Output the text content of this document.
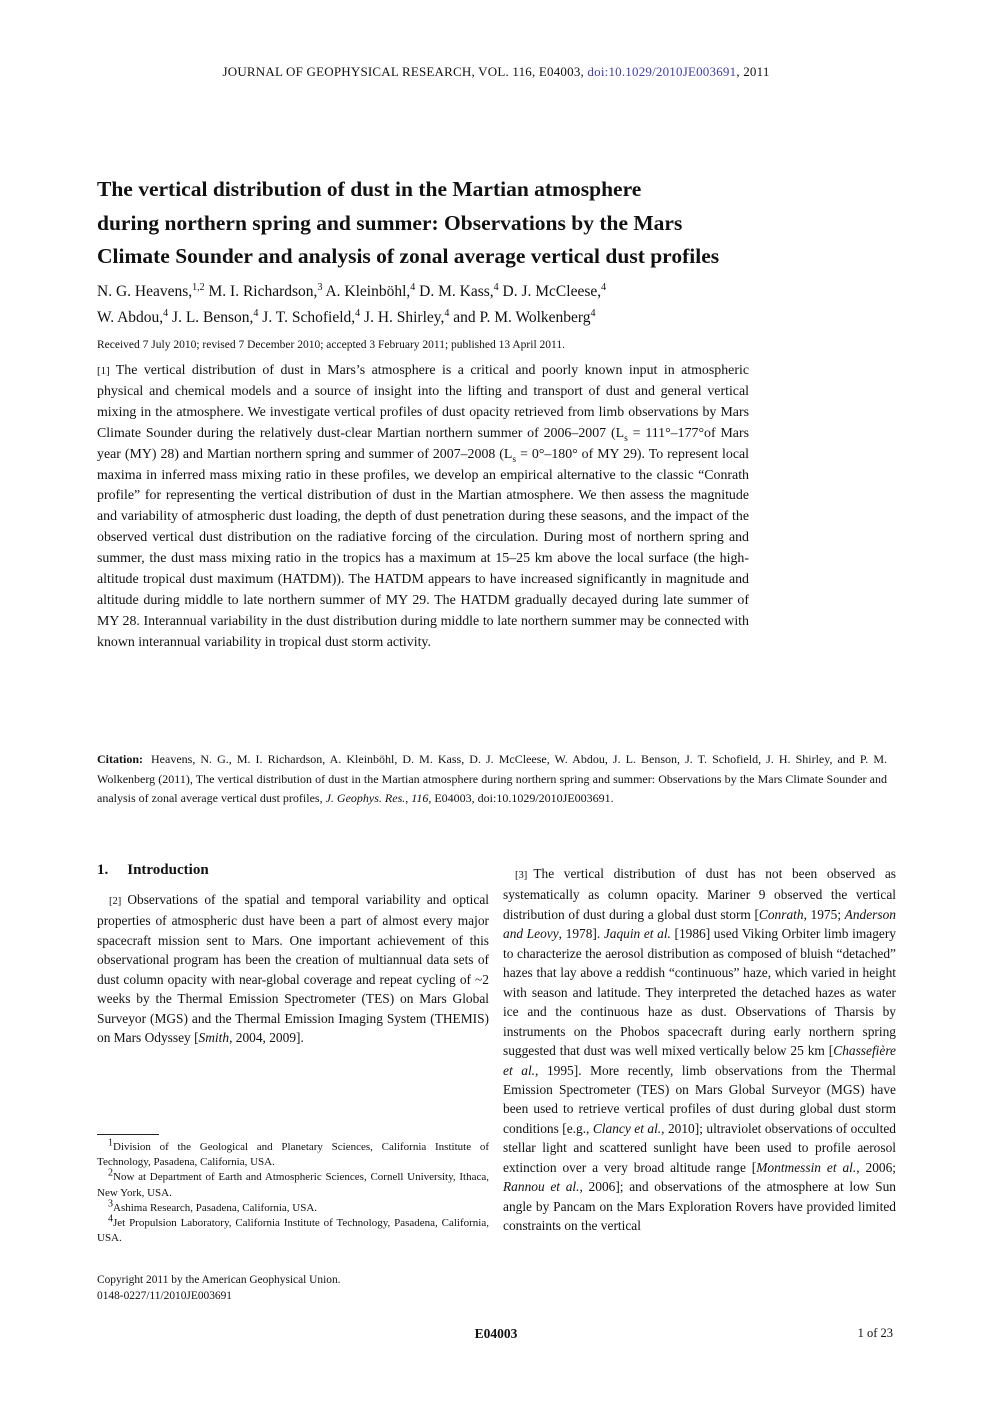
JOURNAL OF GEOPHYSICAL RESEARCH, VOL. 116, E04003, doi:10.1029/2010JE003691, 2011
The vertical distribution of dust in the Martian atmosphere
during northern spring and summer: Observations by the Mars
Climate Sounder and analysis of zonal average vertical dust profiles
N. G. Heavens,$^{1,2}$ M. I. Richardson,$^3$ A. Kleinböhl,$^4$ D. M. Kass,$^4$ D. J. McCleese,$^4$
W. Abdou,$^4$ J. L. Benson,$^4$ J. T. Schofield,$^4$ J. H. Shirley,$^4$ and P. M. Wolkenberg$^4$
Received 7 July 2010; revised 7 December 2010; accepted 3 February 2011; published 13 April 2011.

[1] The vertical distribution of dust in Mars’s atmosphere is a critical and poorly known input in atmospheric physical and chemical models and a source of insight into the lifting and transport of dust and general vertical mixing in the atmosphere. We investigate vertical profiles of dust opacity retrieved from limb observations by Mars Climate Sounder during the relatively dust-clear Martian northern summer of 2006–2007 ($L_s = 111^\circ-177^\circ of$ Mars year (MY) 28) and Martian northern spring and summer of 2007–2008 ($L_s = 0^\circ-180^\circ$ of MY 29). To represent local maxima in inferred mass mixing ratio in these profiles, we develop an empirical alternative to the classic “Conrath profile” for representing the vertical distribution of dust in the Martian atmosphere. We then assess the magnitude and variability of atmospheric dust loading, the depth of dust penetration during these seasons, and the impact of the observed vertical dust distribution on the radiative forcing of the circulation. During most of northern spring and summer, the dust mass mixing ratio in the tropics has a maximum at 15–25 km above the local surface (the high-altitude tropical dust maximum (HATDM)). The HATDM appears to have increased significantly in magnitude and altitude during middle to late northern summer of MY 29. The HATDM gradually decayed during late summer of MY 28. Interannual variability in the dust distribution during middle to late northern summer may be connected with known interannual variability in tropical dust storm activity.

Citation: Heavens, N. G., M. I. Richardson, A. Kleinböhl, D. M. Kass, D. J. McCleese, W. Abdou, J. L. Benson, J. T. Schofield, J. H. Shirley, and P. M. Wolkenberg (2011), The vertical distribution of dust in the Martian atmosphere during northern spring and summer: Observations by the Mars Climate Sounder and analysis of zonal average vertical dust profiles, J. Geophys. Res., 116, E04003, doi:10.1029/2010JE003691.

1. Introduction

[2] Observations of the spatial and temporal variability and optical properties of atmospheric dust have been a part of almost every major spacecraft mission sent to Mars. One important achievement of this observational program has been the creation of multiannual data sets of dust column opacity with near-global coverage and repeat cycling of ~2 weeks by the Thermal Emission Spectrometer (TES) on Mars Global Surveyor (MGS) and the Thermal Emission Imaging System (THEMIS) on Mars Odyssey [Smith, 2004, 2009].

[3] The vertical distribution of dust has not been observed as systematically as column opacity. Mariner 9 observed the vertical distribution of dust during a global dust storm [Conrath, 1975; Anderson and Leovy, 1978]. Jaquin et al. [1986] used Viking Orbiter limb imagery to characterize the aerosol distribution as composed of bluish “detached” hazes that lay above a reddish “continuous” haze, which varied in height with season and latitude. They interpreted the detached hazes as water ice and the continuous haze as dust. Observations of Tharsis by instruments on the Phobos spacecraft during early northern spring suggested that dust was well mixed vertically below 25 km [Chassefière et al., 1995]. More recently, limb observations from the Thermal Emission Spectrometer (TES) on Mars Global Surveyor (MGS) have been used to retrieve vertical profiles of dust during global dust storm conditions [e.g., Clancy et al., 2010]; ultraviolet observations of occulted stellar light and scattered sunlight have been used to profile aerosol extinction over a very broad altitude range [Montmessin et al., 2006; Rannou et al., 2006]; and observations of the atmosphere at low Sun angle by Pancam on the Mars Exploration Rovers have provided limited constraints on the vertical

$^1$Division of the Geological and Planetary Sciences, California Institute of Technology, Pasadena, California, USA.

$^2$Now at Department of Earth and Atmospheric Sciences, Cornell University, Ithaca, New York, USA.

$^3$Ashima Research, Pasadena, California, USA.

$^4$Jet Propulsion Laboratory, California Institute of Technology, Pasadena, California, USA.

Copyright 2011 by the American Geophysical Union.
0148-0227/11/2010JE003691
E04003	1 of 23
